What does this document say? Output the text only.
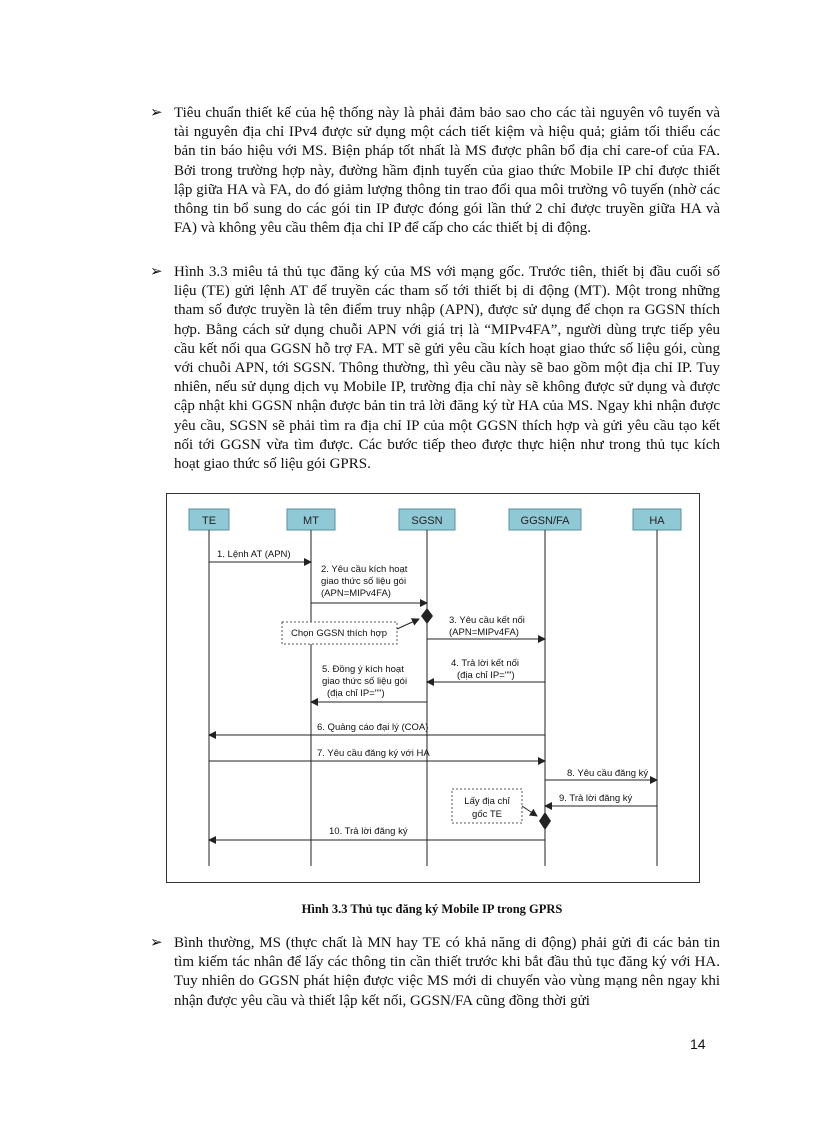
➢ Tiêu chuẩn thiết kế của hệ thống này là phải đảm bảo sao cho các tài nguyên vô tuyến và tài nguyên địa chỉ IPv4 được sử dụng một cách tiết kiệm và hiệu quả; giảm tối thiểu các bản tin báo hiệu với MS. Biện pháp tốt nhất là MS được phân bổ địa chỉ care-of của FA. Bởi trong trường hợp này, đường hầm định tuyến của giao thức Mobile IP chỉ được thiết lập giữa HA và FA, do đó giảm lượng thông tin trao đổi qua môi trường vô tuyến (nhờ các thông tin bổ sung do các gói tin IP được đóng gói lần thứ 2 chỉ được truyền giữa HA và FA) và không yêu cầu thêm địa chỉ IP để cấp cho các thiết bị di động.
➢ Hình 3.3 miêu tả thủ tục đăng ký của MS với mạng gốc. Trước tiên, thiết bị đầu cuối số liệu (TE) gửi lệnh AT để truyền các tham số tới thiết bị di động (MT). Một trong những tham số được truyền là tên điểm truy nhập (APN), được sử dụng để chọn ra GGSN thích hợp. Bằng cách sử dụng chuỗi APN với giá trị là “MIPv4FA”, người dùng trực tiếp yêu cầu kết nối qua GGSN hỗ trợ FA. MT sẽ gửi yêu cầu kích hoạt giao thức số liệu gói, cùng với chuỗi APN, tới SGSN. Thông thường, thì yêu cầu này sẽ bao gồm một địa chỉ IP. Tuy nhiên, nếu sử dụng dịch vụ Mobile IP, trường địa chỉ này sẽ không được sử dụng và được cập nhật khi GGSN nhận được bản tin trả lời đăng ký từ HA của MS. Ngay khi nhận được yêu cầu, SGSN sẽ phải tìm ra địa chỉ IP của một GGSN thích hợp và gửi yêu cầu tạo kết nối tới GGSN vừa tìm được. Các bước tiếp theo được thực hiện như trong thủ tục kích hoạt giao thức số liệu gói GPRS.
TE	MT	SGSN	GGSN/FA	HA
1. Lệnh AT (APN)
2. Yêu cầu kích hoạt
giao thức số liệu gói
(APN=MIPv4FA)
Chọn GGSN thích hợp
3. Yêu cầu kết nối
(APN=MIPv4FA)
4. Trả lời kết nối
(địa chỉ IP="")
5. Đồng ý kích hoạt
giao thức số liệu gói
(địa chỉ IP="")
6. Quảng cáo đại lý (COA)
7. Yêu cầu đăng ký với HA
8. Yêu cầu đăng ký
9. Trả lời đăng ký
Lấy địa chỉ
gốc TE
10. Trả lời đăng ký
Hình 3.3 Thủ tục đăng ký Mobile IP trong GPRS
➢ Bình thường, MS (thực chất là MN hay TE có khả năng di động) phải gửi đi các bản tin tìm kiếm tác nhân để lấy các thông tin cần thiết trước khi bắt đầu thủ tục đăng ký với HA. Tuy nhiên do GGSN phát hiện được việc MS mới di chuyển vào vùng mạng nên ngay khi nhận được yêu cầu và thiết lập kết nối, GGSN/FA cũng đồng thời gửi
14
